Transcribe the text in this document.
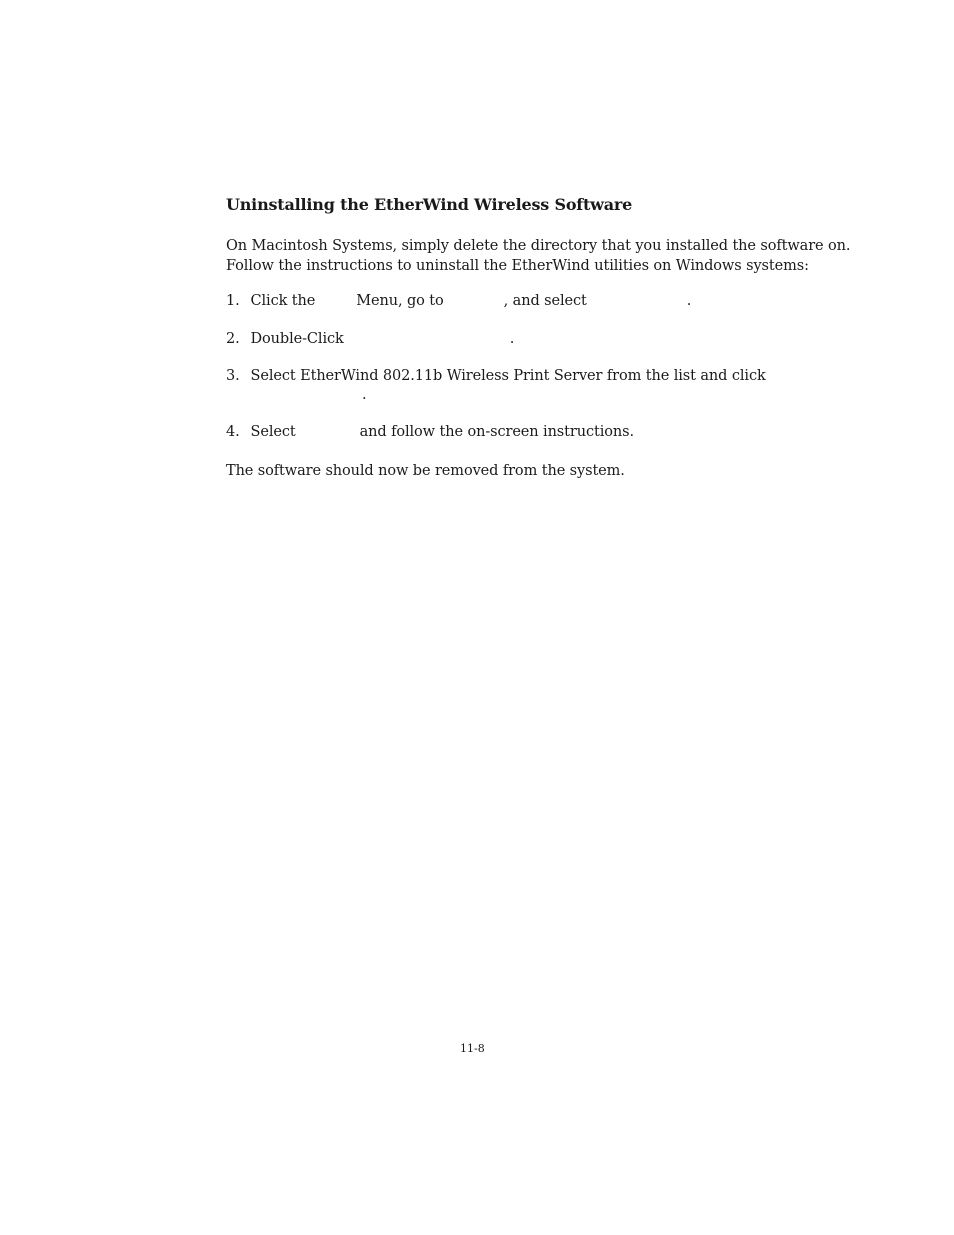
Uninstalling the EtherWind Wireless Software
On Macintosh Systems, simply delete the directory that you installed the software on.
Follow the instructions to uninstall the EtherWind utilities on Windows systems:
1. Click the	Menu, go to	, and select	.
2. Double-Click	.
3. Select EtherWind 802.11b Wireless Print Server from the list and click
.
4. Select	and follow the on-screen instructions.
The software should now be removed from the system.
11-8
